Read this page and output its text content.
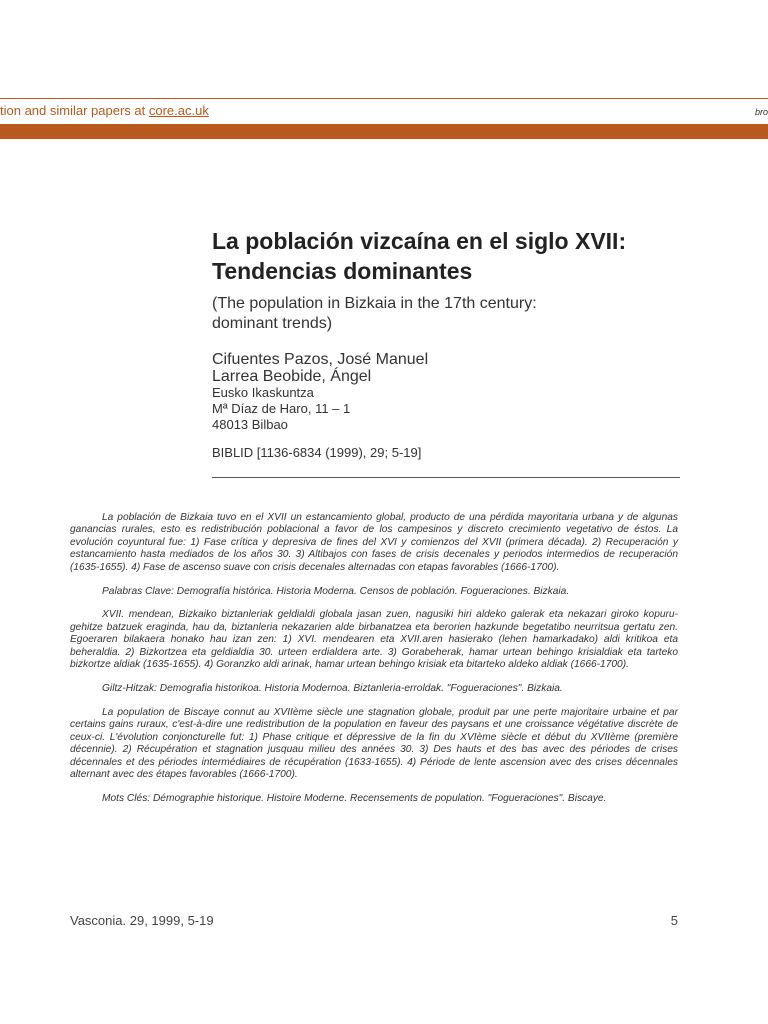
tion and similar papers at core.ac.uk	bro
La población vizcaína en el siglo XVII:
Tendencias dominantes
(The population in Bizkaia in the 17th century:
dominant trends)
Cifuentes Pazos, José Manuel
Larrea Beobide, Ángel
Eusko Ikaskuntza
Mª Díaz de Haro, 11 – 1
48013 Bilbao
BIBLID [1136-6834 (1999), 29; 5-19]

La población de Bizkaia tuvo en el XVII un estancamiento global, producto de una pérdida mayoritaria urbana y de algunas ganancias rurales, esto es redistribución poblacional a favor de los campesinos y discreto crecimiento vegetativo de éstos. La evolución coyuntural fue: 1) Fase crítica y depresiva de fines del XVI y comienzos del XVII (primera década). 2) Recuperación y estancamiento hasta mediados de los años 30. 3) Altibajos con fases de crisis decenales y periodos intermedios de recuperación (1635-1655). 4) Fase de ascenso suave con crisis decenales alternadas con etapas favorables (1666-1700).

Palabras Clave: Demografía histórica. Historia Moderna. Censos de población. Fogueraciones. Bizkaia.

XVII. mendean, Bizkaiko biztanleriak geldialdi globala jasan zuen, nagusiki hiri aldeko galerak eta nekazari giroko kopuru-gehitze batzuek eraginda, hau da, biztanleria nekazarien alde birbanatzea eta berorien hazkunde begetatibo neurritsua gertatu zen. Egoeraren bilakaera honako hau izan zen: 1) XVI. mendearen eta XVII.aren hasierako (lehen hamarkadako) aldi kritikoa eta beheraldia. 2) Bizkortzea eta geldialdia 30. urteen erdialdera arte. 3) Gorabeherak, hamar urtean behingo krisialdiak eta tarteko bizkortze aldiak (1635-1655). 4) Goranzko aldi arinak, hamar urtean behingo krisiak eta bitarteko aldeko aldiak (1666-1700).

Giltz-Hitzak: Demografia historikoa. Historia Modernoa. Biztanleria-erroldak. "Fogueraciones". Bizkaia.

La population de Biscaye connut au XVIIème siècle une stagnation globale, produit par une perte majoritaire urbaine et par certains gains ruraux, c'est-à-dire une redistribution de la population en faveur des paysans et une croissance végétative discrète de ceux-ci. L'évolution conjoncturelle fut: 1) Phase critique et dépressive de la fin du XVIème siècle et début du XVIIème (première décennie). 2) Récupération et stagnation jusquau milieu des années 30. 3) Des hauts et des bas avec des périodes de crises décennales et des périodes intermédiaires de récupération (1633-1655). 4) Période de lente ascension avec des crises décennales alternant avec des étapes favorables (1666-1700).

Mots Clés: Démographie historique. Histoire Moderne. Recensements de population. "Fogueraciones". Biscaye.

Vasconia. 29, 1999, 5-19	5
